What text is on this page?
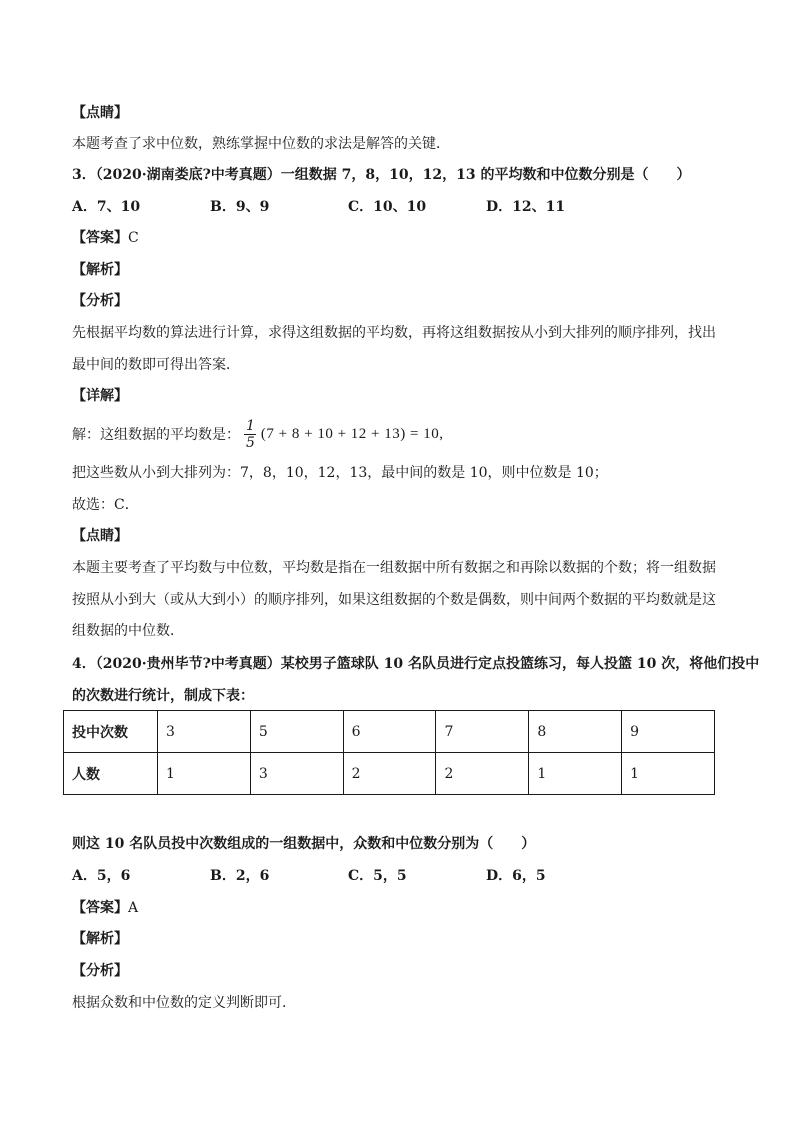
【点睛】
本题考查了求中位数，熟练掌握中位数的求法是解答的关键．
3．（2020·湖南娄底?中考真题）一组数据 7，8，10，12，13 的平均数和中位数分别是（　　）
A．7、10	B．9、9	C．10、10	D．12、11
【答案】C
【解析】
【分析】
先根据平均数的算法进行计算，求得这组数据的平均数，再将这组数据按从小到大排列的顺序排列，找出
最中间的数即可得出答案．
【详解】
解：这组数据的平均数是： $\frac{1}{5} (7 + 8 + 10 + 12 + 13) = 10$,
把这些数从小到大排列为：7，8，10，12，13，最中间的数是 10，则中位数是 10；
故选：C．
【点睛】
本题主要考查了平均数与中位数，平均数是指在一组数据中所有数据之和再除以数据的个数；将一组数据
按照从小到大（或从大到小）的顺序排列，如果这组数据的个数是偶数，则中间两个数据的平均数就是这
组数据的中位数．
4．（2020·贵州毕节?中考真题）某校男子篮球队 10 名队员进行定点投篮练习，每人投篮 10 次，将他们投中
的次数进行统计，制成下表：
投中次数	3	5	6	7	8	9
人数	1	3	2	2	1	1
则这 10 名队员投中次数组成的一组数据中，众数和中位数分别为（　　）
A．5，6	B．2，6	C．5，5	D．6，5
【答案】A
【解析】
【分析】
根据众数和中位数的定义判断即可．
